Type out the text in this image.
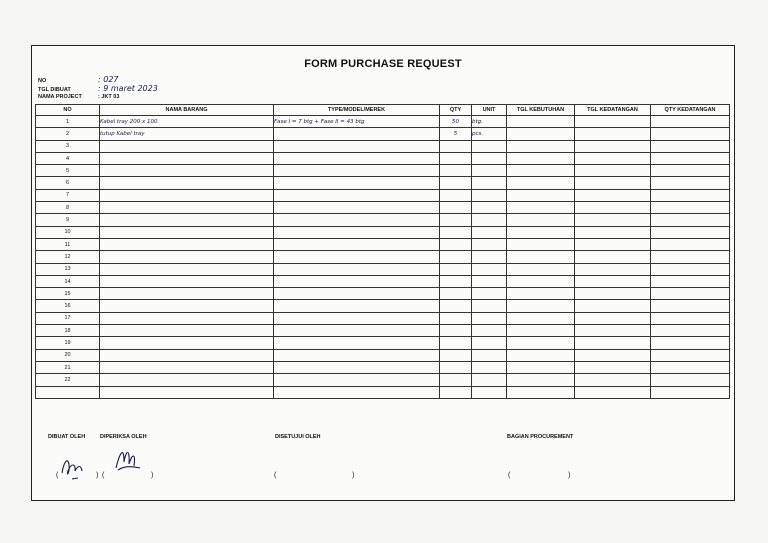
FORM PURCHASE REQUEST
NO	: 027
TGL DIBUAT	: 9 maret 2023
NAMA PROJECT	: JKT 03
NO	NAMA BARANG	TYPE/MODEL/MEREK	QTY	UNIT	TGL KEBUTUHAN	TGL KEDATANGAN	QTY KEDATANGAN
1	Kabel tray 200 x 100	Fase I = 7 btg + Fase II = 43 btg	50	btg.			
2	tutup Kabel tray		5	pcs.			
3							
4							
5							
6							
7							
8							
9							
10							
11							
12							
13							
14							
15							
16							
17							
18							
19							
20							
21							
22							

DIBUAT OLEH	DIPERIKSA OLEH	DISETUJUI OLEH	BAGIAN PROCUREMENT
(	) (	)	(	)	(	)
